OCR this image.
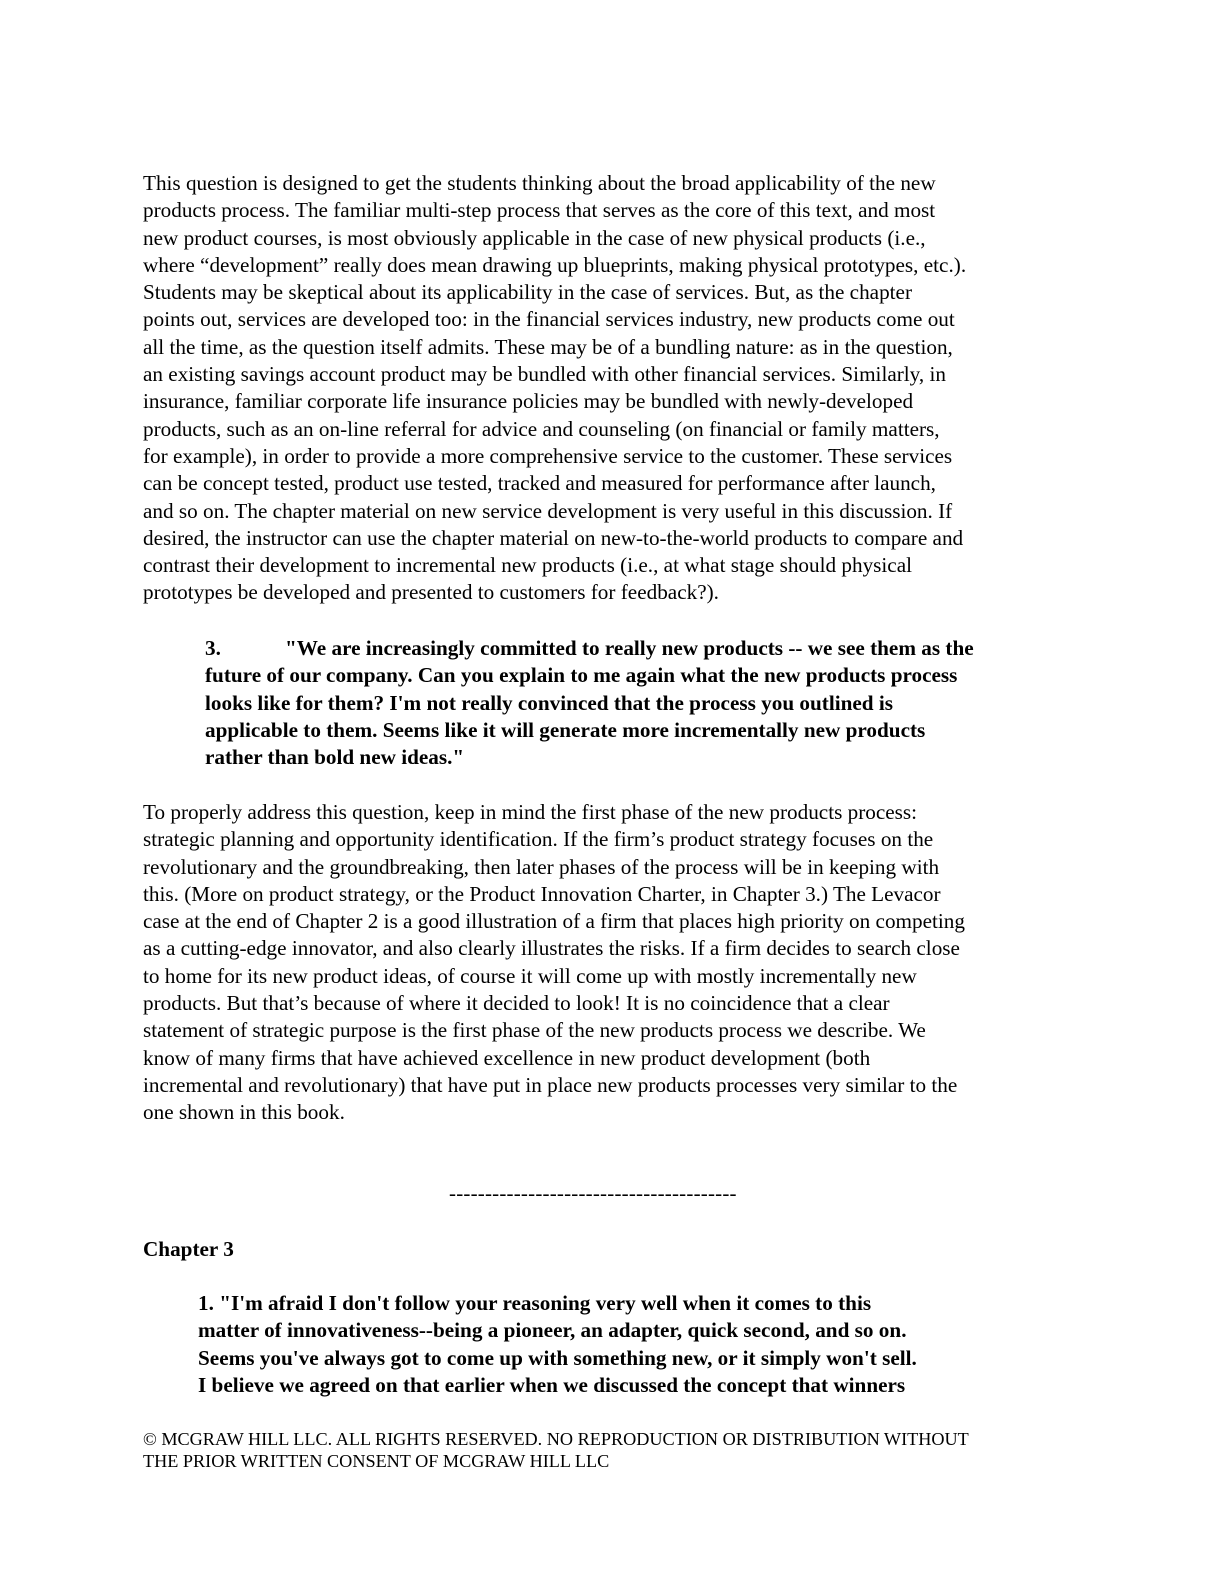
This question is designed to get the students thinking about the broad applicability of the new
products process. The familiar multi-step process that serves as the core of this text, and most
new product courses, is most obviously applicable in the case of new physical products (i.e.,
where “development” really does mean drawing up blueprints, making physical prototypes, etc.).
Students may be skeptical about its applicability in the case of services. But, as the chapter
points out, services are developed too: in the financial services industry, new products come out
all the time, as the question itself admits. These may be of a bundling nature: as in the question,
an existing savings account product may be bundled with other financial services. Similarly, in
insurance, familiar corporate life insurance policies may be bundled with newly-developed
products, such as an on-line referral for advice and counseling (on financial or family matters,
for example), in order to provide a more comprehensive service to the customer. These services
can be concept tested, product use tested, tracked and measured for performance after launch,
and so on. The chapter material on new service development is very useful in this discussion. If
desired, the instructor can use the chapter material on new-to-the-world products to compare and
contrast their development to incremental new products (i.e., at what stage should physical
prototypes be developed and presented to customers for feedback?).

3.	"We are increasingly committed to really new products -- we see them as the
future of our company. Can you explain to me again what the new products process
looks like for them? I'm not really convinced that the process you outlined is
applicable to them. Seems like it will generate more incrementally new products
rather than bold new ideas."

To properly address this question, keep in mind the first phase of the new products process:
strategic planning and opportunity identification. If the firm’s product strategy focuses on the
revolutionary and the groundbreaking, then later phases of the process will be in keeping with
this. (More on product strategy, or the Product Innovation Charter, in Chapter 3.) The Levacor
case at the end of Chapter 2 is a good illustration of a firm that places high priority on competing
as a cutting-edge innovator, and also clearly illustrates the risks. If a firm decides to search close
to home for its new product ideas, of course it will come up with mostly incrementally new
products. But that’s because of where it decided to look! It is no coincidence that a clear
statement of strategic purpose is the first phase of the new products process we describe. We
know of many firms that have achieved excellence in new product development (both
incremental and revolutionary) that have put in place new products processes very similar to the
one shown in this book.

----------------------------------------
Chapter 3

1. "I'm afraid I don't follow your reasoning very well when it comes to this
matter of innovativeness--being a pioneer, an adapter, quick second, and so on.
Seems you've always got to come up with something new, or it simply won't sell.
I believe we agreed on that earlier when we discussed the concept that winners

© MCGRAW HILL LLC. ALL RIGHTS RESERVED. NO REPRODUCTION OR DISTRIBUTION WITHOUT
THE PRIOR WRITTEN CONSENT OF MCGRAW HILL LLC
